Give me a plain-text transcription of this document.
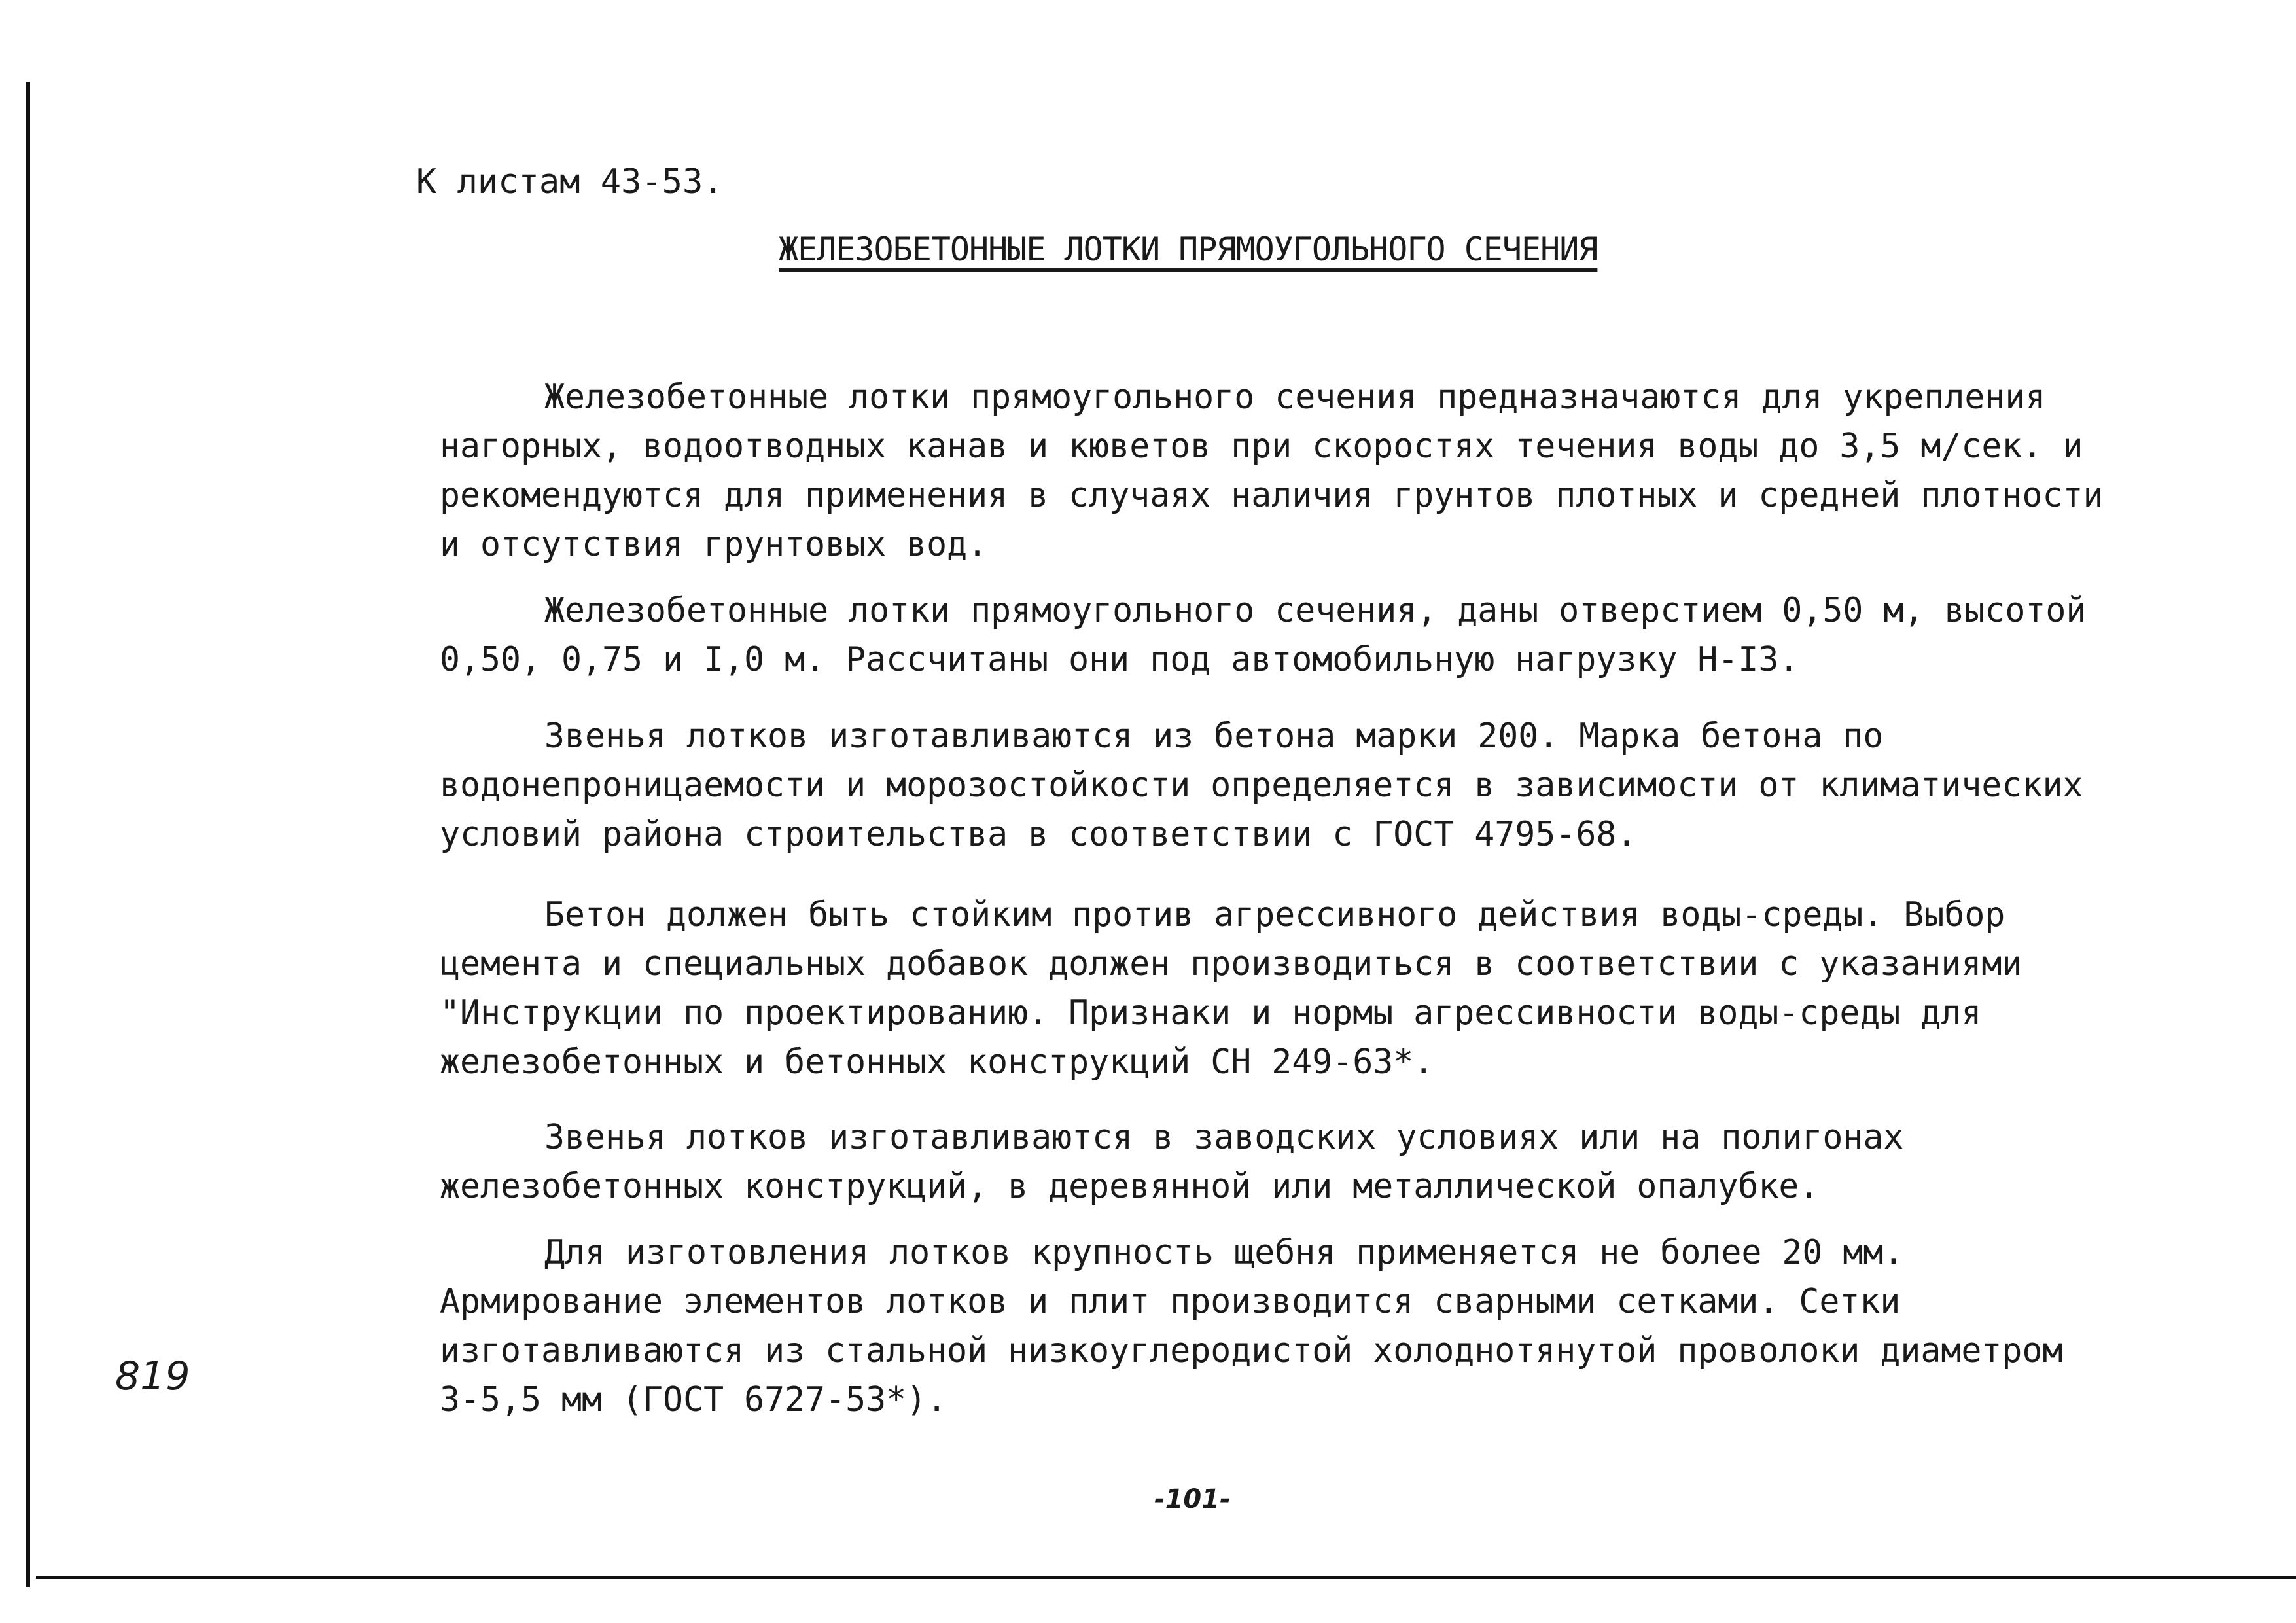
К листам 43-53.
ЖЕЛЕЗОБЕТОННЫЕ ЛОТКИ ПРЯМОУГОЛЬНОГО СЕЧЕНИЯ

Железобетонные лотки прямоугольного сечения предназначаются для укрепления нагорных, водоотводных канав и кюветов при скоростях течения воды до 3,5 м/сек. и рекомендуются для применения в случаях наличия грунтов плотных и средней плотности и отсутствия грунтовых вод.

Железобетонные лотки прямоугольного сечения, даны отверстием 0,50 м, высотой 0,50, 0,75 и I,0 м. Рассчитаны они под автомобильную нагрузку Н-I3.

Звенья лотков изготавливаются из бетона марки 200. Марка бетона по водонепроницаемости и морозостойкости определяется в зависимости от климатических условий района строительства в соответствии с ГОСТ 4795-68.

Бетон должен быть стойким против агрессивного действия воды-среды. Выбор цемента и специальных добавок должен производиться в соответствии с указаниями "Инструкции по проектированию. Признаки и нормы агрессивности воды-среды для железобетонных и бетонных конструкций СН 249-63*.

Звенья лотков изготавливаются в заводских условиях или на полигонах железобетонных конструкций, в деревянной или металлической опалубке.

Для изготовления лотков крупность щебня применяется не более 20 мм. Армирование элементов лотков и плит производится сварными сетками. Сетки изготавливаются из стальной низкоуглеродистой холоднотянутой проволоки диаметром 3-5,5 мм (ГОСТ 6727-53*).

819
-101-
